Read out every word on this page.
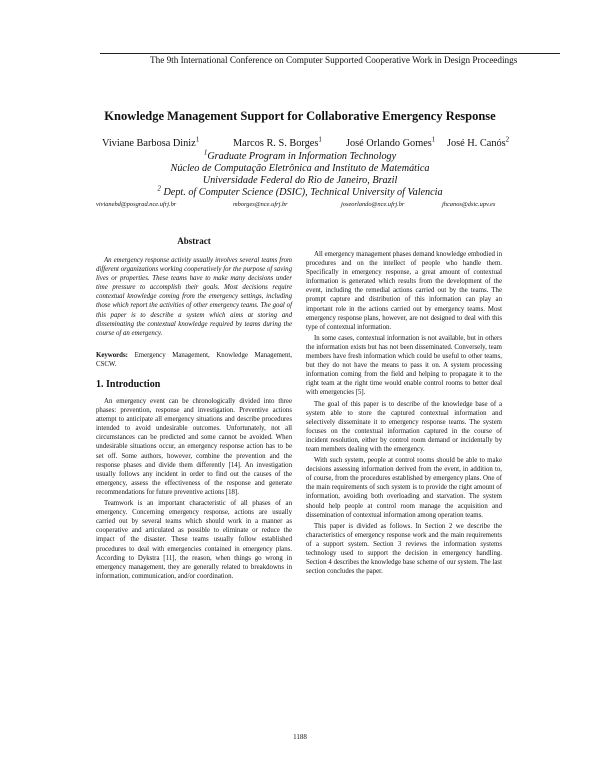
The 9th International Conference on Computer Supported Cooperative Work in Design Proceedings
Knowledge Management Support for Collaborative Emergency Response
Viviane Barbosa Diniz$^1$	Marcos R. S. Borges$^1$ José Orlando Gomes$^1$ José H. Canós$^2$
$^1$Graduate Program in Information Technology
Núcleo de Computação Eletrônica and Instituto de Matemática
Universidade Federal do Rio de Janeiro, Brazil
$^2$ Dept. of Computer Science (DSIC), Technical University of Valencia
vivianebd@posgrad.nce.ufrj.br	mborges@nce.ufrj.br	joseorlando@nce.ufrj.br	jhcanos@dsic.upv.es
Abstract

An emergency response activity usually involves several teams from different organizations working cooperatively for the purpose of saving lives or properties. These teams have to make many decisions under time pressure to accomplish their goals. Most decisions require contextual knowledge coming from the emergency settings, including those which report the activities of other emergency teams. The goal of this paper is to describe a system which aims at storing and disseminating the contextual knowledge required by teams during the course of an emergency.

Keywords: Emergency Management, Knowledge Management, CSCW.

1. Introduction

An emergency event can be chronologically divided into three phases: prevention, response and investigation. Preventive actions attempt to anticipate all emergency situations and describe procedures intended to avoid undesirable outcomes. Unfortunately, not all circumstances can be predicted and some cannot be avoided. When undesirable situations occur, an emergency response action has to be set off. Some authors, however, combine the prevention and the response phases and divide them differently [14]. An investigation usually follows any incident in order to find out the causes of the emergency, assess the effectiveness of the response and generate recommendations for future preventive actions [18].

Teamwork is an important characteristic of all phases of an emergency. Concerning emergency response, actions are usually carried out by several teams which should work in a manner as cooperative and articulated as possible to eliminate or reduce the impact of the disaster. These teams usually follow established procedures to deal with emergencies contained in emergency plans. According to Dykstra [11], the reason, when things go wrong in emergency management, they are generally related to breakdowns in information, communication, and/or coordination.

All emergency management phases demand knowledge embodied in procedures and on the intellect of people who handle them. Specifically in emergency response, a great amount of contextual information is generated which results from the development of the event, including the remedial actions carried out by the teams. The prompt capture and distribution of this information can play an important role in the actions carried out by emergency teams. Most emergency response plans, however, are not designed to deal with this type of contextual information.

In some cases, contextual information is not available, but in others the information exists but has not been disseminated. Conversely, team members have fresh information which could be useful to other teams, but they do not have the means to pass it on. A system processing information coming from the field and helping to propagate it to the right team at the right time would enable control rooms to better deal with emergencies [5].

The goal of this paper is to describe of the knowledge base of a system able to store the captured contextual information and selectively disseminate it to emergency response teams. The system focuses on the contextual information captured in the course of incident resolution, either by control room demand or incidentally by team members dealing with the emergency.

With such system, people at control rooms should be able to make decisions assessing information derived from the event, in addition to, of course, from the procedures established by emergency plans. One of the main requirements of such system is to provide the right amount of information, avoiding both overloading and starvation. The system should help people at control room manage the acquisition and dissemination of contextual information among operation teams.

This paper is divided as follows. In Section 2 we describe the characteristics of emergency response work and the main requirements of a support system. Section 3 reviews the information systems technology used to support the decision in emergency handling. Section 4 describes the knowledge base scheme of our system. The last section concludes the paper.

1188
